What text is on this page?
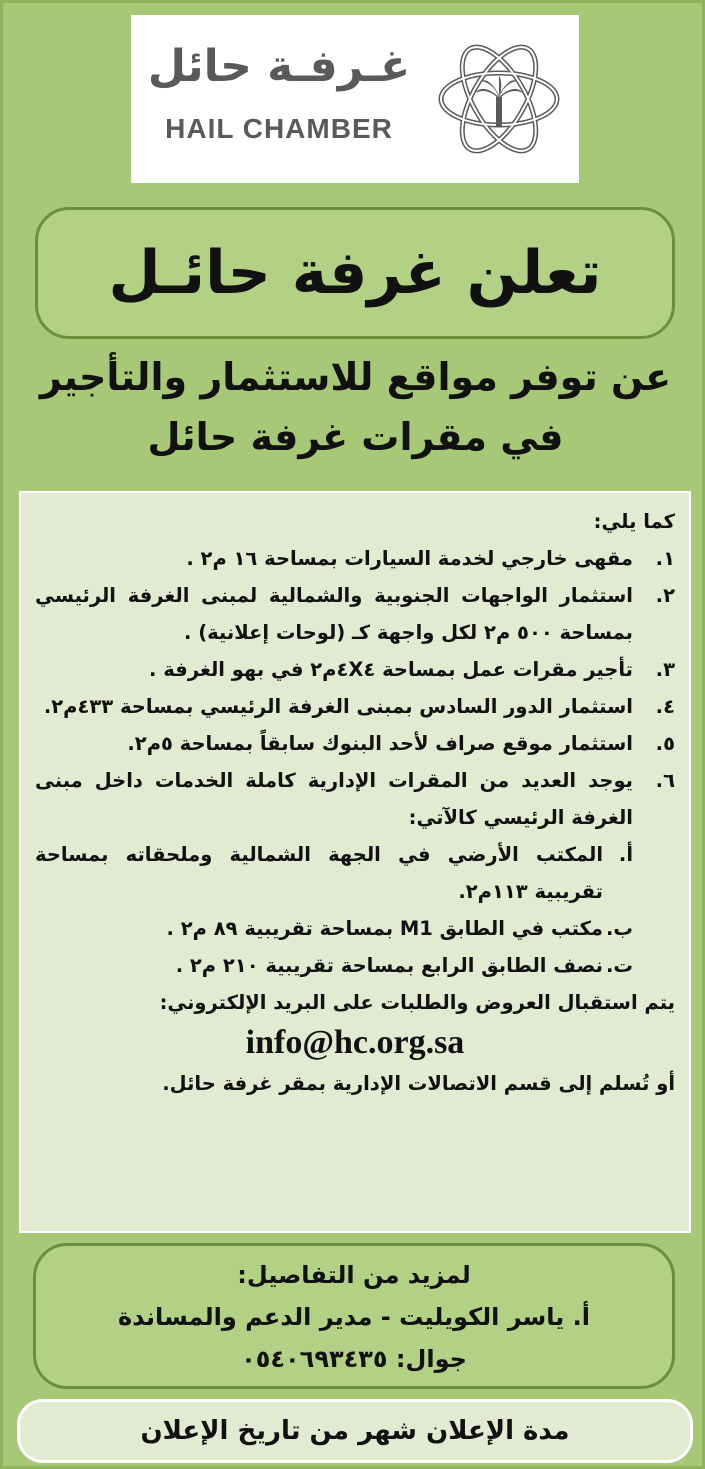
غـرفـة حائل
HAIL CHAMBER
تعلن غرفة حائـل
عن توفر مواقع للاستثمار والتأجير
في مقرات غرفة حائل

كما يلي:

١.
مقهى خارجي لخدمة السيارات بمساحة ١٦ م٢ .
٢.
استثمار الواجهات الجنوبية والشمالية لمبنى الغرفة الرئيسي بمساحة ٥٠٠ م٢ لكل واجهة كـ (لوحات إعلانية) .
٣.
تأجير مقرات عمل بمساحة ٤X٤م٢ في بهو الغرفة .
٤.
استثمار الدور السادس بمبنى الغرفة الرئيسي بمساحة ٤٣٣م٢.
٥.
استثمار موقع صراف لأحد البنوك سابقاً بمساحة ٥م٢.
٦.
يوجد العديد من المقرات الإدارية كاملة الخدمات داخل مبنى الغرفة الرئيسي كالآتي:
أ.
المكتب الأرضي في الجهة الشمالية وملحقاته بمساحة تقريبية ١١٣م٢.
ب.
مكتب في الطابق M1 بمساحة تقريبية ٨٩ م٢ .
ت.
نصف الطابق الرابع بمساحة تقريبية ٢١٠ م٢ .
يتم استقبال العروض والطلبات على البريد الإلكتروني:
info@hc.org.sa
أو تُسلم إلى قسم الاتصالات الإدارية بمقر غرفة حائل.
لمزيد من التفاصيل:
أ. ياسر الكويليت - مدير الدعم والمساندة
جوال: ٠٥٤٠٦٩٣٤٣٥
مدة الإعلان شهر من تاريخ الإعلان
